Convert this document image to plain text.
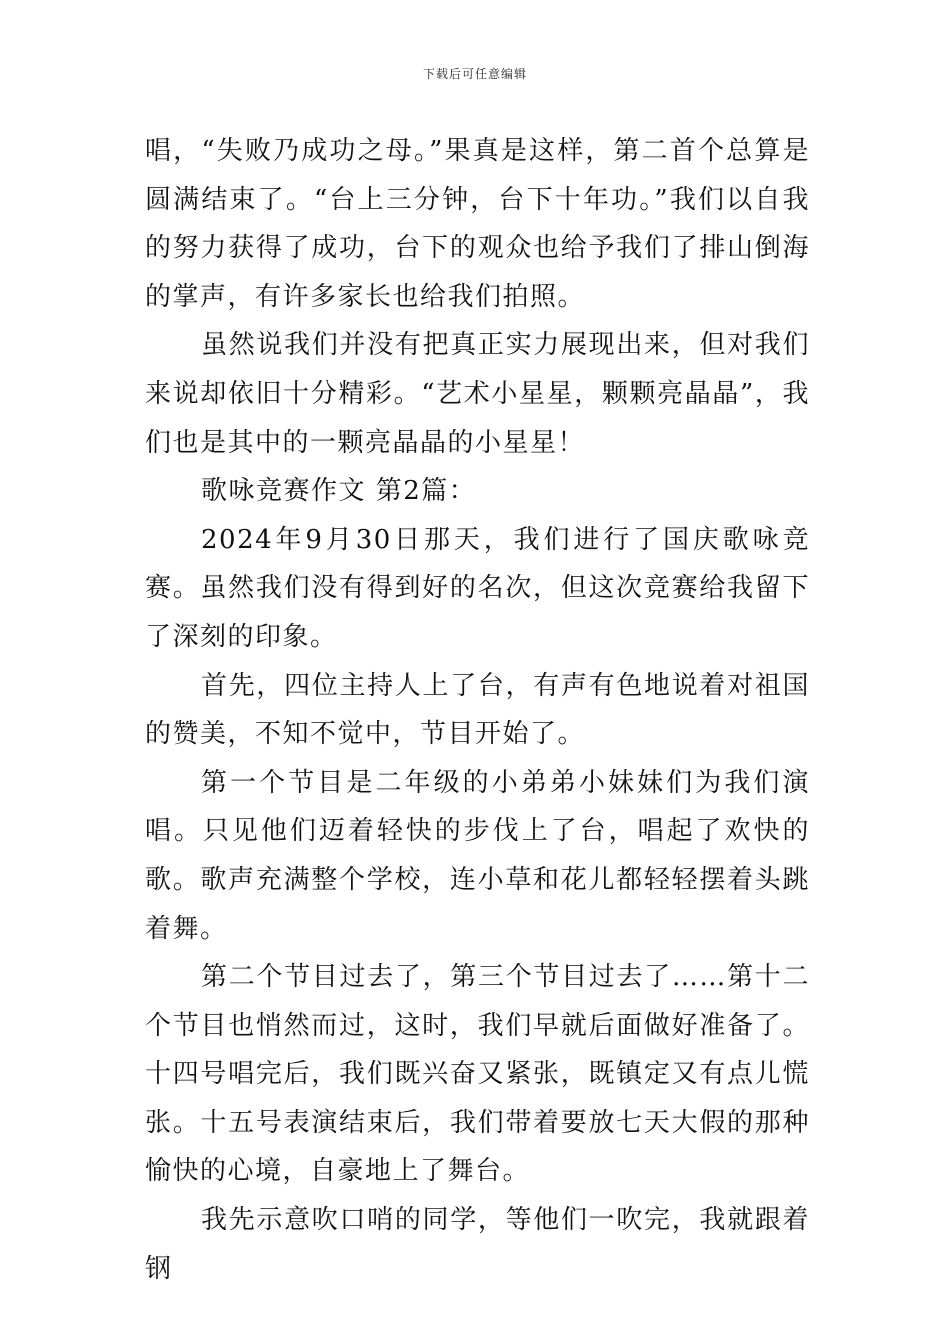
下载后可任意编辑

唱，“失败乃成功之母。”果真是这样，第二首个总算是圆满结束了。“台上三分钟，台下十年功。”我们以自我的努力获得了成功，台下的观众也给予我们了排山倒海的掌声，有许多家长也给我们拍照。

虽然说我们并没有把真正实力展现出来，但对我们来说却依旧十分精彩。“艺术小星星，颗颗亮晶晶”，我们也是其中的一颗亮晶晶的小星星！

歌咏竞赛作文 第2篇：

2024年9月30日那天，我们进行了国庆歌咏竞赛。虽然我们没有得到好的名次，但这次竞赛给我留下了深刻的印象。

首先，四位主持人上了台，有声有色地说着对祖国的赞美，不知不觉中，节目开始了。

第一个节目是二年级的小弟弟小妹妹们为我们演唱。只见他们迈着轻快的步伐上了台，唱起了欢快的歌。歌声充满整个学校，连小草和花儿都轻轻摆着头跳着舞。

第二个节目过去了，第三个节目过去了……第十二个节目也悄然而过，这时，我们早就后面做好准备了。十四号唱完后，我们既兴奋又紧张，既镇定又有点儿慌张。十五号表演结束后，我们带着要放七天大假的那种愉快的心境，自豪地上了舞台。

我先示意吹口哨的同学，等他们一吹完，我就跟着钢
